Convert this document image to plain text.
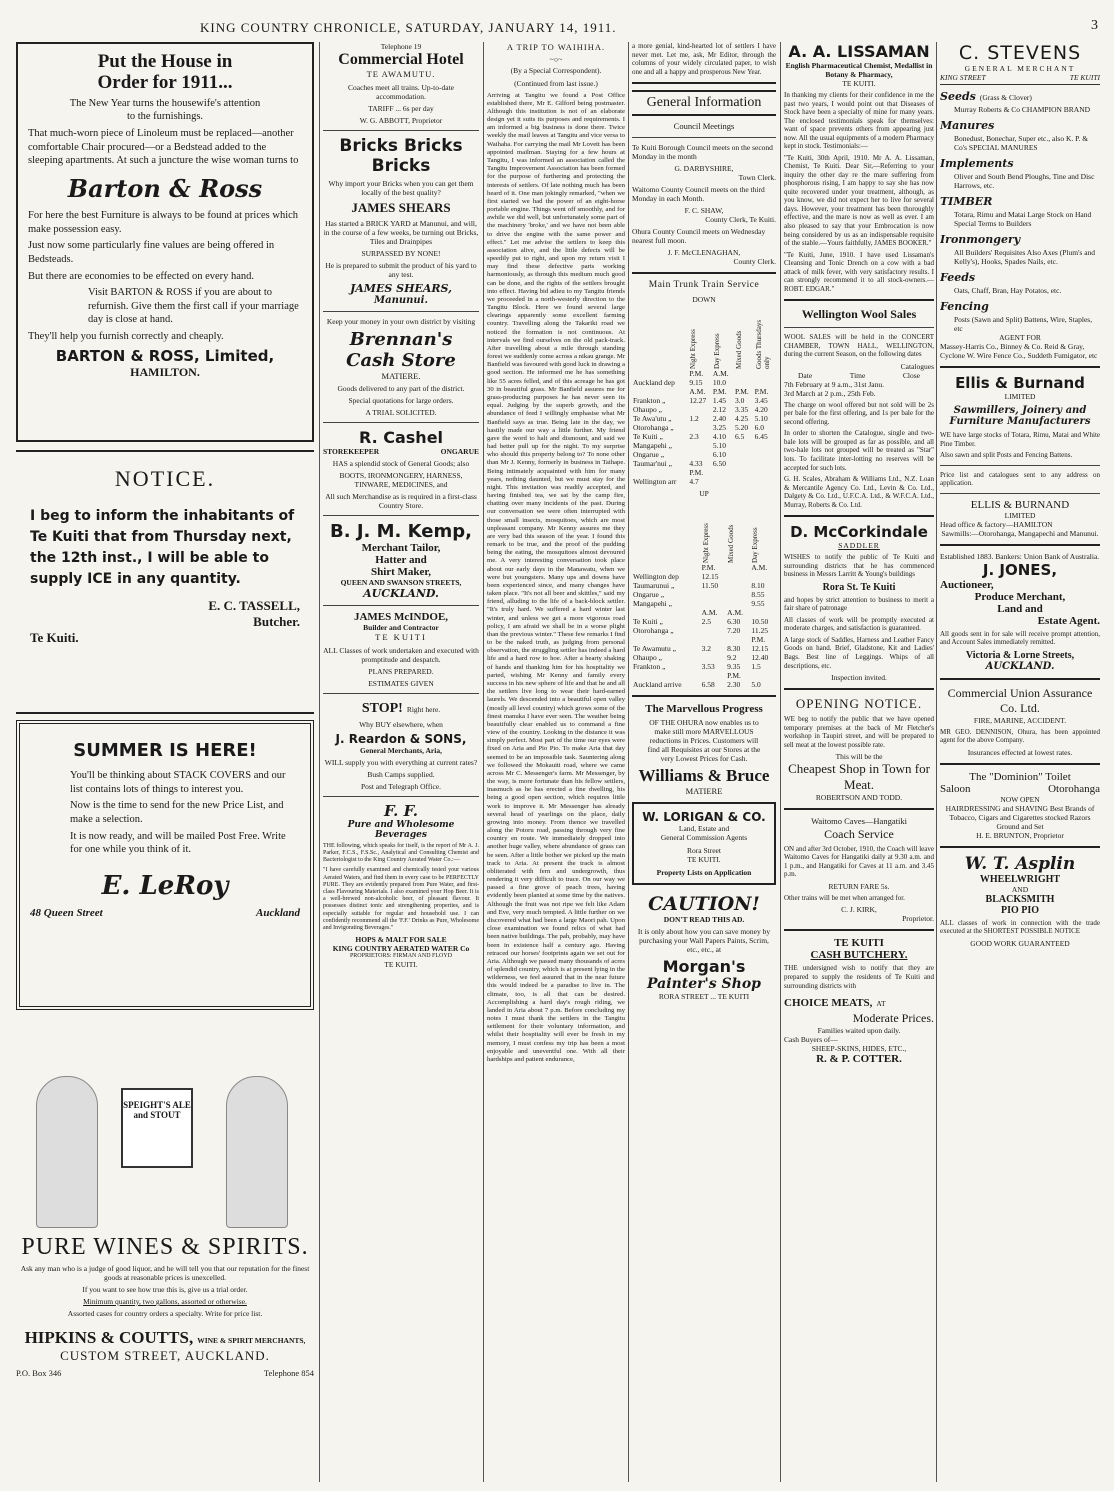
KING COUNTRY CHRONICLE, SATURDAY, JANUARY 14, 1911.	3
Put the House in
Order for 1911...

The New Year turns the housewife's attention to the furnishings.

That much-worn piece of Linoleum must be replaced—another comfortable Chair procured—or a Bedstead added to the sleeping apartments. At such a juncture the wise woman turns to

Barton & Ross

For here the best Furniture is always to be found at prices which make possession easy.

Just now some particularly fine values are being offered in Bedsteads.

But there are economies to be effected on every hand.

Visit BARTON & ROSS if you are about to refurnish. Give them the first call if your marriage day is close at hand.

They'll help you furnish correctly and cheaply.

BARTON & ROSS, Limited,
HAMILTON.
NOTICE.

I beg to inform the inhabitants of Te Kuiti that from Thursday next, the 12th inst., I will be able to supply ICE in any quantity.

E. C. TASSELL,
Butcher.
Te Kuiti.
SUMMER IS HERE!

You'll be thinking about STACK COVERS and our list contains lots of things to interest you.

Now is the time to send for the new Price List, and make a selection.

It is now ready, and will be mailed Post Free. Write for one while you think of it.

E. LeRoy
48 Queen Street	Auckland
SPEIGHT'S ALE and STOUT
PURE WINES & SPIRITS.

Ask any man who is a judge of good liquor, and he will tell you that our reputation for the finest goods at reasonable prices is unexcelled.

If you want to see how true this is, give us a trial order.

Minimum quantity, two gallons, assorted or otherwise.

Assorted cases for country orders a specialty. Write for price list.

HIPKINS & COUTTS, WINE & SPIRIT MERCHANTS,
CUSTOM STREET, AUCKLAND.
P.O. Box 346	Telephone 854
Telephone 19
Commercial Hotel
TE AWAMUTU.

Coaches meet all trains. Up-to-date accommodation.

TARIFF ... 6s per day

W. G. ABBOTT, Proprietor

Bricks Bricks Bricks

Why import your Bricks when you can get them locally of the best quality?

JAMES SHEARS

Has started a BRICK YARD at Manunui, and will, in the course of a few weeks, be turning out Bricks, Tiles and Drainpipes

SURPASSED BY NONE!

He is prepared to submit the product of his yard to any test.

JAMES SHEARS,
Manunui.

Keep your money in your own district by visiting

Brennan's Cash Store
MATIERE.

Goods delivered to any part of the district.

Special quotations for large orders.

A TRIAL SOLICITED.

R. Cashel
STOREKEEPER	ONGARUE

HAS a splendid stock of General Goods; also

BOOTS, IRONMONGERY, HARNESS, TINWARE, MEDICINES, and

All such Merchandise as is required in a first-class Country Store.

B. J. M. Kemp,
Merchant Tailor,
Hatter and
Shirt Maker,
QUEEN AND SWANSON STREETS,
AUCKLAND.
JAMES McINDOE,
Builder and Contractor
TE KUITI

ALL Classes of work undertaken and executed with promptitude and despatch.

PLANS PREPARED.

ESTIMATES GIVEN

STOP! Right here.

Why BUY elsewhere, when

J. Reardon & SONS,
General Merchants, Aria,

WILL supply you with everything at current rates?

Bush Camps supplied.

Post and Telegraph Office.

F. F.
Pure and Wholesome Beverages

THE following, which speaks for itself, is the report of Mr A. J. Parker, F.C.S., F.S.Sc., Analytical and Consulting Chemist and Bacteriologist to the King Country Aerated Water Co.:—

"I have carefully examined and chemically tested your various Aerated Waters, and find them in every case to be PERFECTLY PURE. They are evidently prepared from Pure Water, and first-class Flavouring Materials. I also examined your Hop Beer. It is a well-brewed non-alcoholic beer, of pleasant flavour. It possesses distinct tonic and strengthening properties, and is especially suitable for regular and household use. I can confidently recommend all the 'F.F.' Drinks as Pure, Wholesome and Invigorating Beverages."

HOPS & MALT FOR SALE
KING COUNTRY AERATED WATER Co
PROPRIETORS: FIRMAN AND FLOYD
TE KUITI.
A TRIP TO WAIHIHA.
~○~
(By a Special Correspondent).
(Continued from last issue.)
Arriving at Tangitu we found a Post Office established there, Mr E. Gilford being postmaster. Although this institution is not of an elaborate design yet it suits its purposes and requirements. I am informed a big business is done there. Twice weekly the mail leaves at Tangitu and vice versa to Waihaha. For carrying the mail Mr Lovett has been appointed mailman. Staying for a few hours at Tangitu, I was informed an association called the Tangitu Improvement Association has been formed for the purpose of furthering and protecting the interests of settlers. Of late nothing much has been heard of it. One man jokingly remarked, "when we first started we had the power of an eight-horse portable engine. Things went off smoothly, and for awhile we did well, but unfortunately some part of the machinery 'broke,' and we have not been able to drive the engine with the same power and effect." Let me advise the settlers to keep this association alive, and the little defects will be speedily put to right, and upon my return visit I may find these defective parts working harmoniously, as through this medium much good can be done, and the rights of the settlers brought into effect. Having bid adieu to my Tangitu friends we proceeded in a north-westerly direction to the Tangitu Block. Here we found several large clearings apparently some excellent farming country. Travelling along the Takariki road we noticed the formation is not continuous. At intervals we find ourselves on the old pack-track. After travelling about a mile through standing forest we suddenly come across a nikau grange. Mr Banfield was favoured with good luck in drawing a good section. He informed me he has something like 55 acres felled, and of this acreage he has got 30 in beautiful grass. Mr Banfield assures me for grass-producing purposes he has never seen its equal. Judging by the superb growth, and the abundance of feed I willingly emphasise what Mr Banfield says as true. Being late in the day, we hastily made our way a little further. My friend gave the word to halt and dismount, and said we had better pull up for the night. To my surprise who should this property belong to? To none other than Mr J. Kenny, formerly in business in Taihape. Being intimately acquainted with him for many years, nothing daunted, but we must stay for the night. This invitation was readily accepted, and having finished tea, we sat by the camp fire, chatting over many incidents of the past. During our conversation we were often interrupted with those small insects, mosquitoes, which are most unpleasant company. Mr Kenny assures me they are very bad this season of the year. I found this remark to be true, and the proof of the pudding being the eating, the mosquitoes almost devoured me. A very interesting conversation took place about our early days in the Manawatu, when we were but youngsters. Many ups and downs have been experienced since, and many changes have taken place. "It's not all beer and skittles," said my friend, alluding to the life of a back-block settler. "It's truly hard. We suffered a hard winter last winter, and unless we get a more vigorous road policy, I am afraid we shall be in a worse plight than the previous winter." These few remarks I find to be the naked truth, as judging from personal observation, the struggling settler has indeed a hard life and a hard row to hoe. After a hearty shaking of hands and thanking him for his hospitality we parted, wishing Mr Kenny and family every success in his new sphere of life and that he and all the settlers live long to wear their hard-earned laurels. We descended into a beautiful open valley (mostly all level country) which grows some of the finest manuka I have ever seen. The weather being beautifully clear enabled us to command a fine view of the country. Looking in the distance it was simply perfect. Most part of the time our eyes were fixed on Aria and Pio Pio. To make Aria that day seemed to be an impossible task. Sauntering along we followed the Mokauiti road, where we came across Mr C. Messenger's farm. Mr Messenger, by the way, is more fortunate than his fellow settlers, inasmuch as he has erected a fine dwelling, his being a good open section, which requires little work to improve it. Mr Messenger has already several head of yearlings on the place, daily growing into money. From thence we travelled along the Potoru road, passing through very fine country en route. We immediately dropped into another huge valley, where abundance of grass can be seen. After a little bother we picked up the main track to Aria. At present the track is almost obliterated with fern and undergrowth, thus rendering it very difficult to trace. On our way we passed a fine grove of peach trees, having evidently been planted at some time by the natives. Although the fruit was not ripe we felt like Adam and Eve, very much tempted. A little further on we discovered what had been a large Maori pah. Upon close examination we found relics of what had been native buildings. The pah, probably, may have been in existence half a century ago. Having retraced our horses' footprints again we set out for Aria. Although we passed many thousands of acres of splendid country, which is at present lying in the wilderness, we feel assured that in the near future this would indeed be a paradise to live in. The climate, too, is all that can be desired. Accomplishing a hard day's rough riding, we landed in Aria about 7 p.m. Before concluding my notes I must thank the settlers in the Tangitu settlement for their voluntary information, and whilst their hospitality will ever be fresh in my memory, I must confess my trip has been a most enjoyable and uneventful one. With all their hardships and patient endurance,
a more genial, kind-hearted lot of settlers I have never met. Let me, ask, Mr Editor, through the columns of your widely circulated paper, to wish one and all a happy and prosperous New Year.
General Information
Council Meetings

Te Kuiti Borough Council meets on the second Monday in the month

G. DARBYSHIRE,
Town Clerk.

Waitomo County Council meets on the third Monday in each Month.

F. C. SHAW,
County Clerk, Te Kuiti.

Ohura County Council meets on Wednesday nearest full moon.

J. F. McCLENAGHAN,
County Clerk.
Main Trunk Train Service
DOWN

	Night Express	Day Express	Mixed Goods	Goods Thursdays only

	P.M.	A.M.		
Auckland dep	9.15	10.0		
	A.M.	P.M.	P.M.	P.M.
Frankton „	12.27	1.45	3.0	3.45
Ohaupo „		2.12	3.35	4.20
Te Awa'utu „	1.2	2.40	4.25	5.10
Otorohanga „		3.25	5.20	6.0
Te Kuiti „	2.3	4.10	6.5	6.45
Mangapehi „		5.10		
Ongarue „		6.10		
Taumar'nui „	4.33	6.50		
	P.M.			
Wellington arr	4.7			
UP

	Night Express	Mixed Goods	Day Express

	P.M.		A.M.
Wellington dep	12.15		
Taumarunui „	11.50		8.10
Ongarue „			8.55
Mangapehi „			9.55
	A.M.	A.M.	
Te Kuiti „	2.5	6.30	10.50
Otorohanga „		7.20	11.25
			P.M.
Te Awamutu „	3.2	8.30	12.15
Ohaupo „		9.2	12.40
Frankton „	3.53	9.35	1.5
		P.M.	
Auckland arrive	6.58	2.30	5.0
The Marvellous Progress

OF THE OHURA now enables us to make still more MARVELLOUS reductions in Prices. Customers will find all Requisites at our Stores at the very Lowest Prices for Cash.

Williams & Bruce
MATIERE
W. LORIGAN & CO.
Land, Estate and
General Commission Agents
Rora Street
TE KUITI.
Property Lists on Application
CAUTION!
DON'T READ THIS AD.

It is only about how you can save money by purchasing your Wall Papers Paints, Scrim, etc., etc., at

Morgan's
Painter's Shop
RORA STREET ... TE KUITI
A. A. LISSAMAN
English Pharmaceutical Chemist, Medallist in Botany & Pharmacy,
TE KUITI.

In thanking my clients for their confidence in me the past two years, I would point out that Diseases of Stock have been a specialty of mine for many years. The enclosed testimonials speak for themselves: want of space prevents others from appearing just now. All the usual equipments of a modern Pharmacy kept in stock. Testimonials:—

"Te Kuiti, 30th April, 1910. Mr A. A. Lissaman, Chemist, Te Kuiti. Dear Sir,—Referring to your inquiry the other day re the mare suffering from phosphorous rising, I am happy to say she has now quite recovered under your treatment, although, as you know, we did not expect her to live for several days. However, your treatment has been thoroughly effective, and the mare is now as well as ever. I am also pleased to say that your Embrocation is now being considered by us as an indispensable requisite of the stable.—Yours faithfully, JAMES BOOKER."

"Te Kuiti, June, 1910. I have used Lissaman's Cleansing and Tonic Drench on a cow with a bad attack of milk fever, with very satisfactory results. I can strongly recommend it to all stock-owners.—ROBT. EDGAR."

Wellington Wool Sales

WOOL SALES will be held in the CONCERT CHAMBER, TOWN HALL, WELLINGTON, during the current Season, on the following dates

Catalogues
Date	Time	Close
7th February at 9 a.m., 31st Janu.
3rd March at 2 p.m., 25th Feb.

The charge on wool offered but not sold will be 2s per bale for the first offering, and 1s per bale for the second offering.

In order to shorten the Catalogue, single and two-bale lots will be grouped as far as possible, and all two-bale lots not grouped will be treated as "Star" lots. To facilitate inter-lotting no reserves will be accepted for such lots.

G. H. Scales, Abraham & Williams Ltd., N.Z. Loan & Mercantile Agency Co. Ltd., Levin & Co. Ltd., Dalgety & Co. Ltd., U.F.C.A. Ltd., & W.F.C.A. Ltd., Murray, Roberts & Co. Ltd.

D. McCorkindale
SADDLER

WISHES to notify the public of Te Kuiti and surrounding districts that he has commenced business in Messrs Larritt & Young's buildings

Rora St. Te Kuiti

and hopes by strict attention to business to merit a fair share of patronage

All classes of work will be promptly executed at moderate charges, and satisfaction is guaranteed.

A large stock of Saddles, Harness and Leather Fancy Goods on hand. Brief, Gladstone, Kit and Ladies' Bags. Best line of Leggings. Whips of all descriptions, etc.

Inspection invited.
OPENING NOTICE.

WE beg to notify the public that we have opened temporary premises at the back of Mr Fletcher's workshop in Taupiri street, and will be prepared to sell meat at the lowest possible rate.

This will be the
Cheapest Shop in Town for Meat.
ROBERTSON AND TODD.
Waitomo Caves—Hangatiki
Coach Service

ON and after 3rd October, 1910, the Coach will leave Waitomo Caves for Hangatiki daily at 9.30 a.m. and 1 p.m., and Hangatiki for Caves at 11 a.m. and 3.45 p.m.

RETURN FARE 5s.

Other trains will be met when arranged for.

C. J. KIRK,
Proprietor.
TE KUITI
CASH BUTCHERY.

THE undersigned wish to notify that they are prepared to supply the residents of Te Kuiti and surrounding districts with

CHOICE MEATS, AT
Moderate Prices.
Families waited upon daily.
Cash Buyers of—
SHEEP-SKINS, HIDES, ETC.,
R. & P. COTTER.
C. STEVENS
GENERAL MERCHANT
KING STREET	TE KUITI
Seeds (Grass & Clover)
Murray Roberts & Co CHAMPION BRAND
Manures
Bonedust, Bonechar, Super etc., also K. P. & Co's SPECIAL MANURES
Implements
Oliver and South Bend Ploughs, Tine and Disc Harrows, etc.
TIMBER
Totara, Rimu and Matai Large Stock on Hand Special Terms to Builders
Ironmongery
All Builders' Requisites Also Axes (Plum's and Kelly's), Hooks, Spades Nails, etc.
Feeds
Oats, Chaff, Bran, Hay Potatos, etc.
Fencing
Posts (Sawn and Split) Battens, Wire, Staples, etc
AGENT FOR
Massey-Harris Co., Binney & Co. Reid & Gray, Cyclone W. Wire Fence Co., Suddeth Fumigator, etc
Ellis & Burnand
LIMITED
Sawmillers, Joinery and Furniture Manufacturers

WE have large stocks of Totara, Rimu, Matai and White Pine Timber.

Also sawn and split Posts and Fencing Battens.

Price list and catalogues sent to any address on application.

ELLIS & BURNAND
LIMITED
Head office & factory—HAMILTON
Sawmills:—Otorohanga, Mangapechi and Manunui.
Established 1883. Bankers: Union Bank of Australia.
J. JONES,
Auctioneer,
Produce Merchant,
Land and
Estate Agent.

All goods sent in for sale will receive prompt attention, and Account Sales immediately remitted.

Victoria & Lorne Streets,
AUCKLAND.
Commercial Union Assurance Co. Ltd.
FIRE, MARINE, ACCIDENT.

MR GEO. DENNISON, Ohura, has been appointed agent for the above Company.

Insurances effected at lowest rates.
The "Dominion" Toilet
Saloon	Otorohanga
NOW OPEN
HAIRDRESSING and SHAVING Best Brands of Tobacco, Cigars and Cigarettes stocked Razors Ground and Set
H. E. BRUNTON, Proprietor
W. T. Asplin
WHEELWRIGHT
AND
BLACKSMITH
PIO PIO

ALL classes of work in connection with the trade executed at the SHORTEST POSSIBLE NOTICE

GOOD WORK GUARANTEED
